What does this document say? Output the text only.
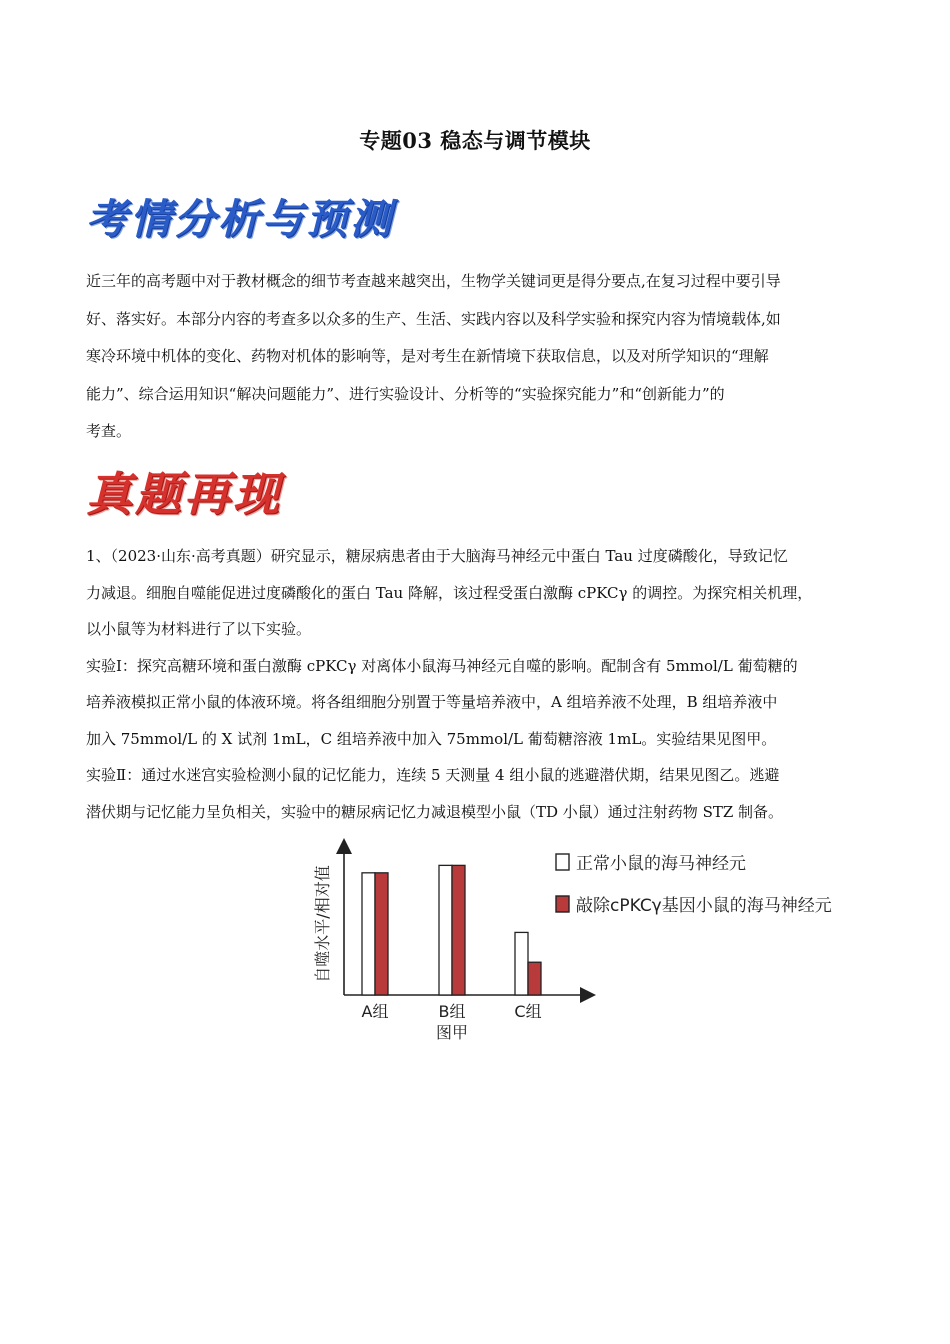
专题03 稳态与调节模块
考情分析与预测
近三年的高考题中对于教材概念的细节考查越来越突出，生物学关键词更是得分要点,在复习过程中要引导
好、落实好。本部分内容的考查多以众多的生产、生活、实践内容以及科学实验和探究内容为情境载体,如
寒冷环境中机体的变化、药物对机体的影响等，是对考生在新情境下获取信息，以及对所学知识的“理解
能力”、综合运用知识“解决问题能力”、进行实验设计、分析等的“实验探究能力”和“创新能力”的
考查。
真题再现
1、（2023·山东·高考真题）研究显示，糖尿病患者由于大脑海马神经元中蛋白 Tau 过度磷酸化，导致记忆
力减退。细胞自噬能促进过度磷酸化的蛋白 Tau 降解，该过程受蛋白激酶 cPKCγ 的调控。为探究相关机理，
以小鼠等为材料进行了以下实验。
实验Ⅰ：探究高糖环境和蛋白激酶 cPKCγ 对离体小鼠海马神经元自噬的影响。配制含有 5mmol/L 葡萄糖的
培养液模拟正常小鼠的体液环境。将各组细胞分别置于等量培养液中，A 组培养液不处理，B 组培养液中
加入 75mmol/L 的 X 试剂 1mL，C 组培养液中加入 75mmol/L 葡萄糖溶液 1mL。实验结果见图甲。
实验Ⅱ：通过水迷宫实验检测小鼠的记忆能力，连续 5 天测量 4 组小鼠的逃避潜伏期，结果见图乙。逃避
潜伏期与记忆能力呈负相关，实验中的糖尿病记忆力减退模型小鼠（TD 小鼠）通过注射药物 STZ 制备。
自噬水平/相对值
A组	B组	C组
图甲
正常小鼠的海马神经元
敲除cPKCγ基因小鼠的海马神经元
